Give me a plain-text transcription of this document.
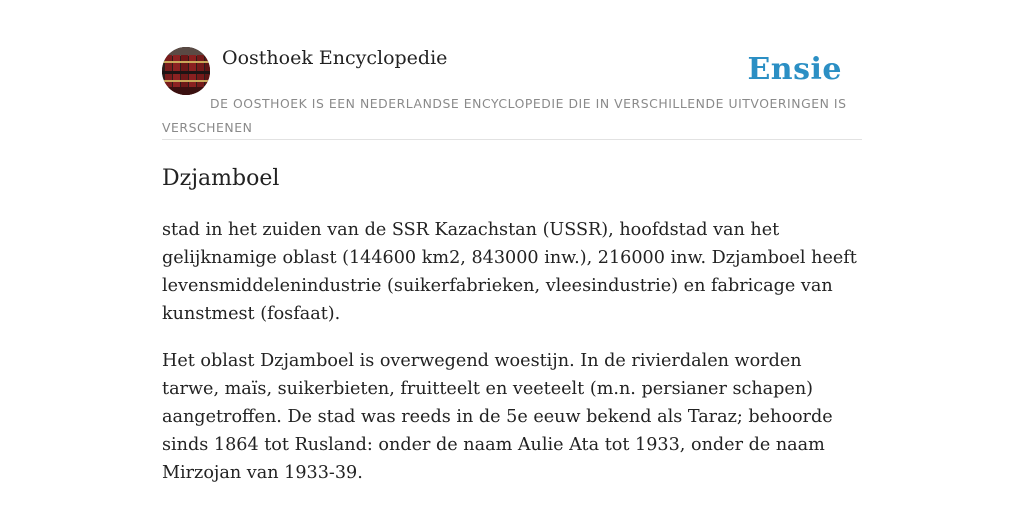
Oosthoek Encyclopedie	Ensie
DE OOSTHOEK IS EEN NEDERLANDSE ENCYCLOPEDIE DIE IN VERSCHILLENDE UITVOERINGEN IS VERSCHENEN
Dzjamboel

stad in het zuiden van de SSR Kazachstan (USSR), hoofdstad van het gelijknamige oblast (144600 km2, 843000 inw.), 216000 inw. Dzjamboel heeft levensmiddelenindustrie (suikerfabrieken, vleesindustrie) en fabricage van kunstmest (fosfaat).

Het oblast Dzjamboel is overwegend woestijn. In de rivierdalen worden tarwe, maïs, suikerbieten, fruitteelt en veeteelt (m.n. persianer schapen) aangetroffen. De stad was reeds in de 5e eeuw bekend als Taraz; behoorde sinds 1864 tot Rusland: onder de naam Aulie Ata tot 1933, onder de naam Mirzojan van 1933-39.
